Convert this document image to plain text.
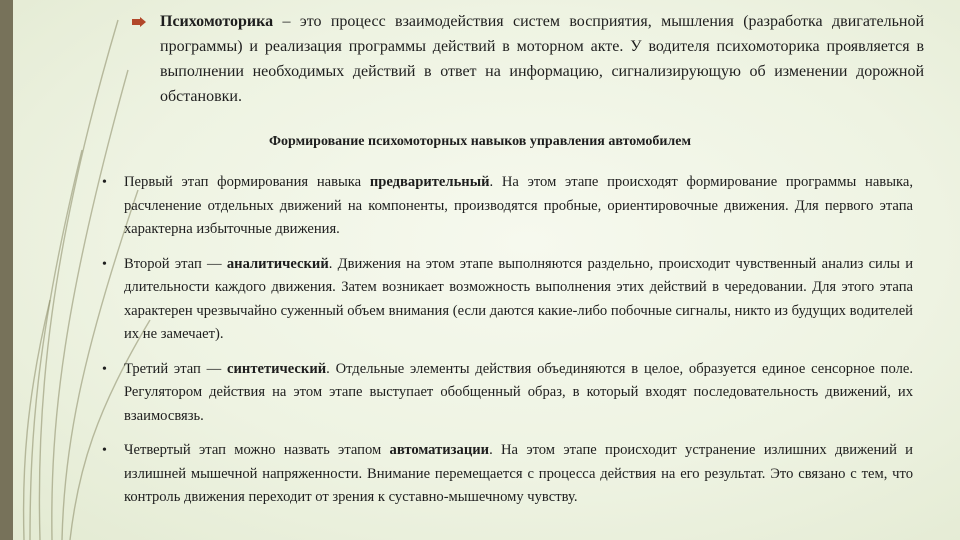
Психомоторика – это процесс взаимодействия систем восприятия, мышления (разработка двигательной программы) и реализация программы действий в моторном акте. У водителя психомоторика проявляется в выполнении необходимых действий в ответ на информацию, сигнализирующую об изменении дорожной обстановки.

Формирование психомоторных навыков управления автомобилем

• Первый этап формирования навыка предварительный. На этом этапе происходят формирование программы навыка, расчленение отдельных движений на компоненты, производятся пробные, ориентировочные движения. Для первого этапа характерна избыточные движения.

• Второй этап — аналитический. Движения на этом этапе выполняются раздельно, происходит чувственный анализ силы и длительности каждого движения. Затем возникает возможность выполнения этих действий в чередовании. Для этого этапа характерен чрезвычайно суженный объем внимания (если даются какие-либо побочные сигналы, никто из будущих водителей их не замечает).

• Третий этап — синтетический. Отдельные элементы действия объединяются в целое, образуется единое сенсорное поле. Регулятором действия на этом этапе выступает обобщенный образ, в который входят последовательность движений, их взаимосвязь.

• Четвертый этап можно назвать этапом автоматизации. На этом этапе происходит устранение излишних движений и излишней мышечной напряженности. Внимание перемещается с процесса действия на его результат. Это связано с тем, что контроль движения переходит от зрения к суставно-мышечному чувству.
